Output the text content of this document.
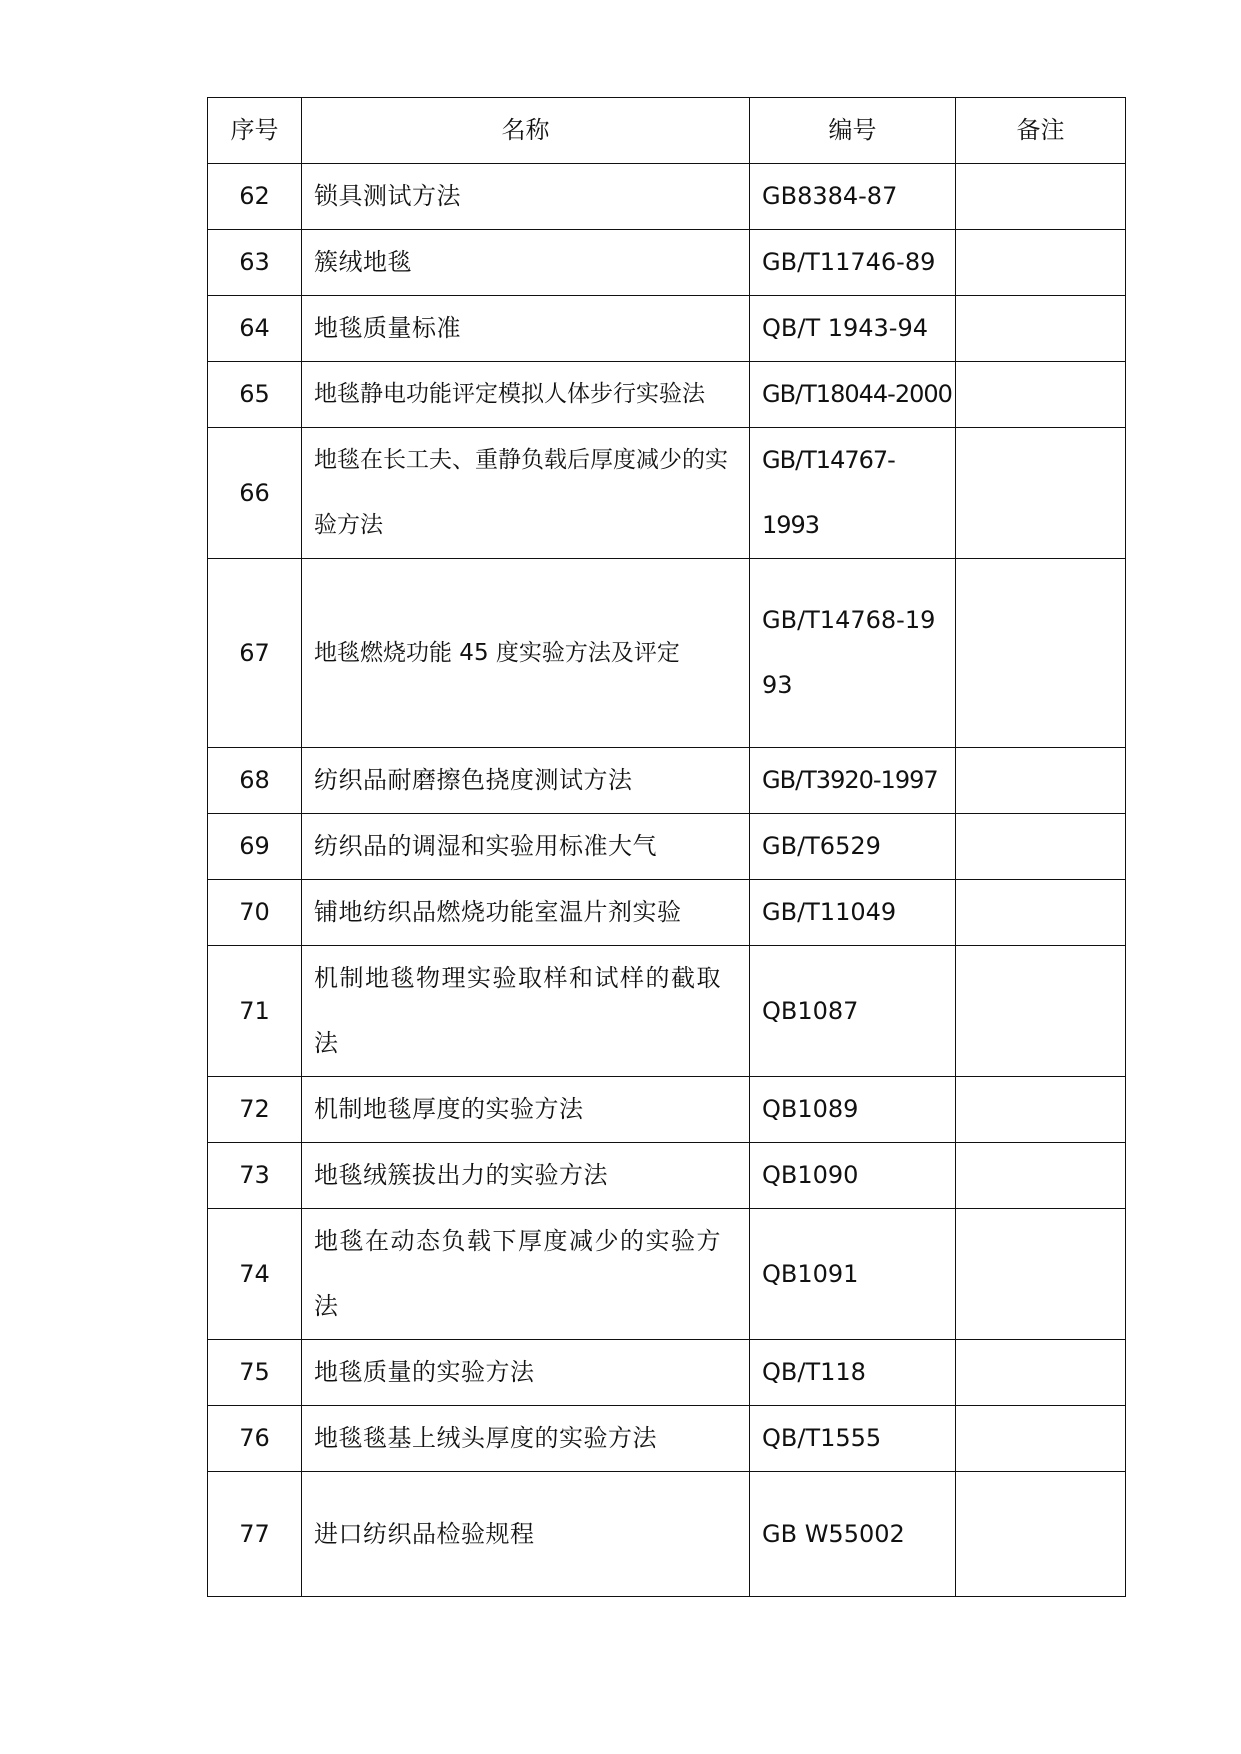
序号	名称	编号	备注

62	锁具测试方法	GB8384-87	

63	簇绒地毯	GB/T11746-89	

64	地毯质量标准	QB/T 1943-94	

65	地毯静电功能评定模拟人体步行实验法	GB/T18044-2000	

66	地毯在长工夫、重静负载后厚度减少的实验方法	GB/T14767-1993	

67	地毯燃烧功能 45 度实验方法及评定	GB/T14768-1993	

68	纺织品耐磨擦色挠度测试方法	GB/T3920-1997	

69	纺织品的调湿和实验用标准大气	GB/T6529	

70	铺地纺织品燃烧功能室温片剂实验	GB/T11049	

71	机制地毯物理实验取样和试样的截取法	QB1087	

72	机制地毯厚度的实验方法	QB1089	

73	地毯绒簇拔出力的实验方法	QB1090	

74	地毯在动态负载下厚度减少的实验方法	QB1091	

75	地毯质量的实验方法	QB/T118	

76	地毯毯基上绒头厚度的实验方法	QB/T1555	

77	进口纺织品检验规程	GB W55002	
